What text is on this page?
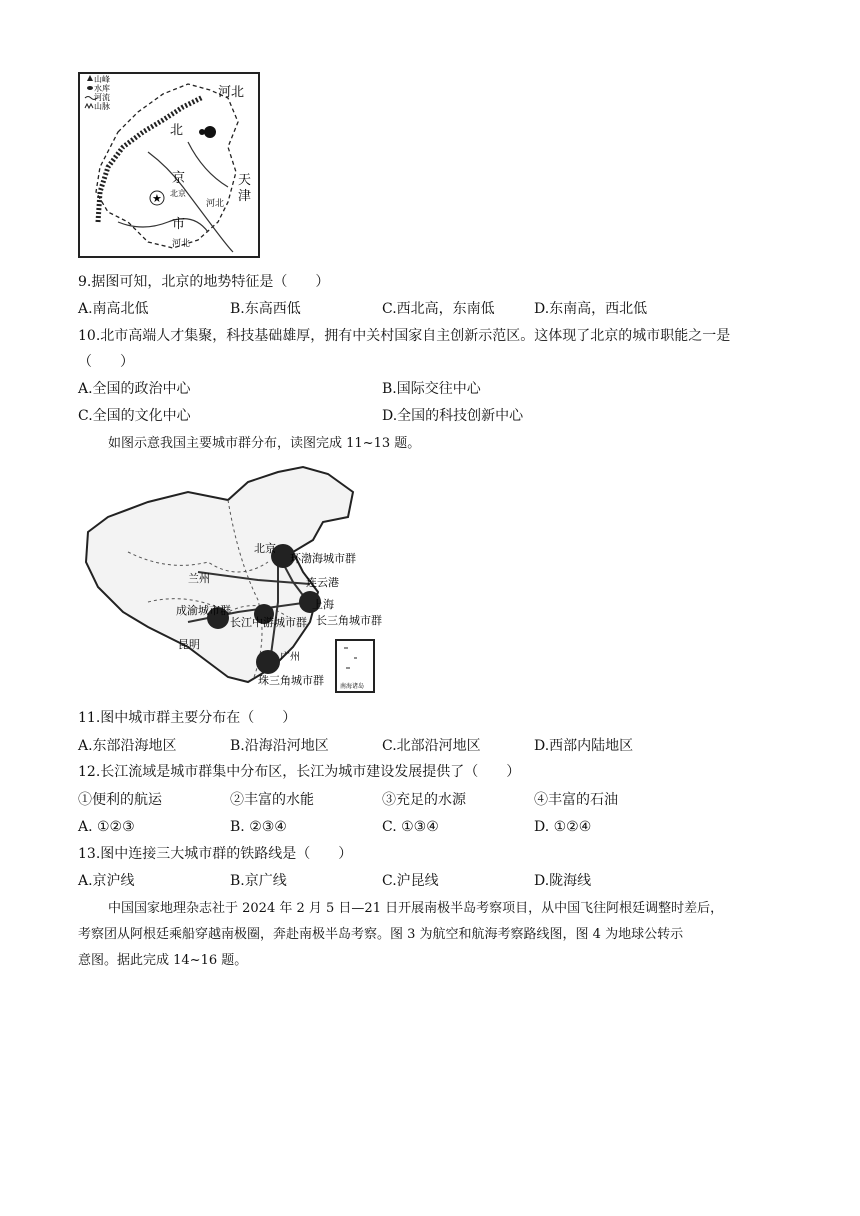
山峰
水库
河流
山脉
★
河北
北
京
北京
市
天
津
河北
河北
9.据图可知，北京的地势特征是（　　）
A.南高北低	B.东高西低	C.西北高，东南低	D.东南高，西北低
10.北市高端人才集聚，科技基础雄厚，拥有中关村国家自主创新示范区。这体现了北京的城市职能之一是
（　　）
A.全国的政治中心	B.国际交往中心
C.全国的文化中心	D.全国的科技创新中心
如图示意我国主要城市群分布，读图完成 11~13 题。
北京
环渤海城市群
兰州	连云港
上海
成渝城市群
长江中游城市群 长三角城市群
昆明
广州
珠三角城市群	南海诸岛
11.图中城市群主要分布在（　　）
A.东部沿海地区	B.沿海沿河地区	C.北部沿河地区	D.西部内陆地区
12.长江流域是城市群集中分布区，长江为城市建设发展提供了（　　）
①便利的航运	②丰富的水能	③充足的水源	④丰富的石油
A. ①②③	B. ②③④	C. ①③④	D. ①②④
13.图中连接三大城市群的铁路线是（　　）
A.京沪线	B.京广线	C.沪昆线	D.陇海线
中国国家地理杂志社于 2024 年 2 月 5 日—21 日开展南极半岛考察项目，从中国飞往阿根廷调整时差后，
考察团从阿根廷乘船穿越南极圈，奔赴南极半岛考察。图 3 为航空和航海考察路线图，图 4 为地球公转示
意图。据此完成 14~16 题。
